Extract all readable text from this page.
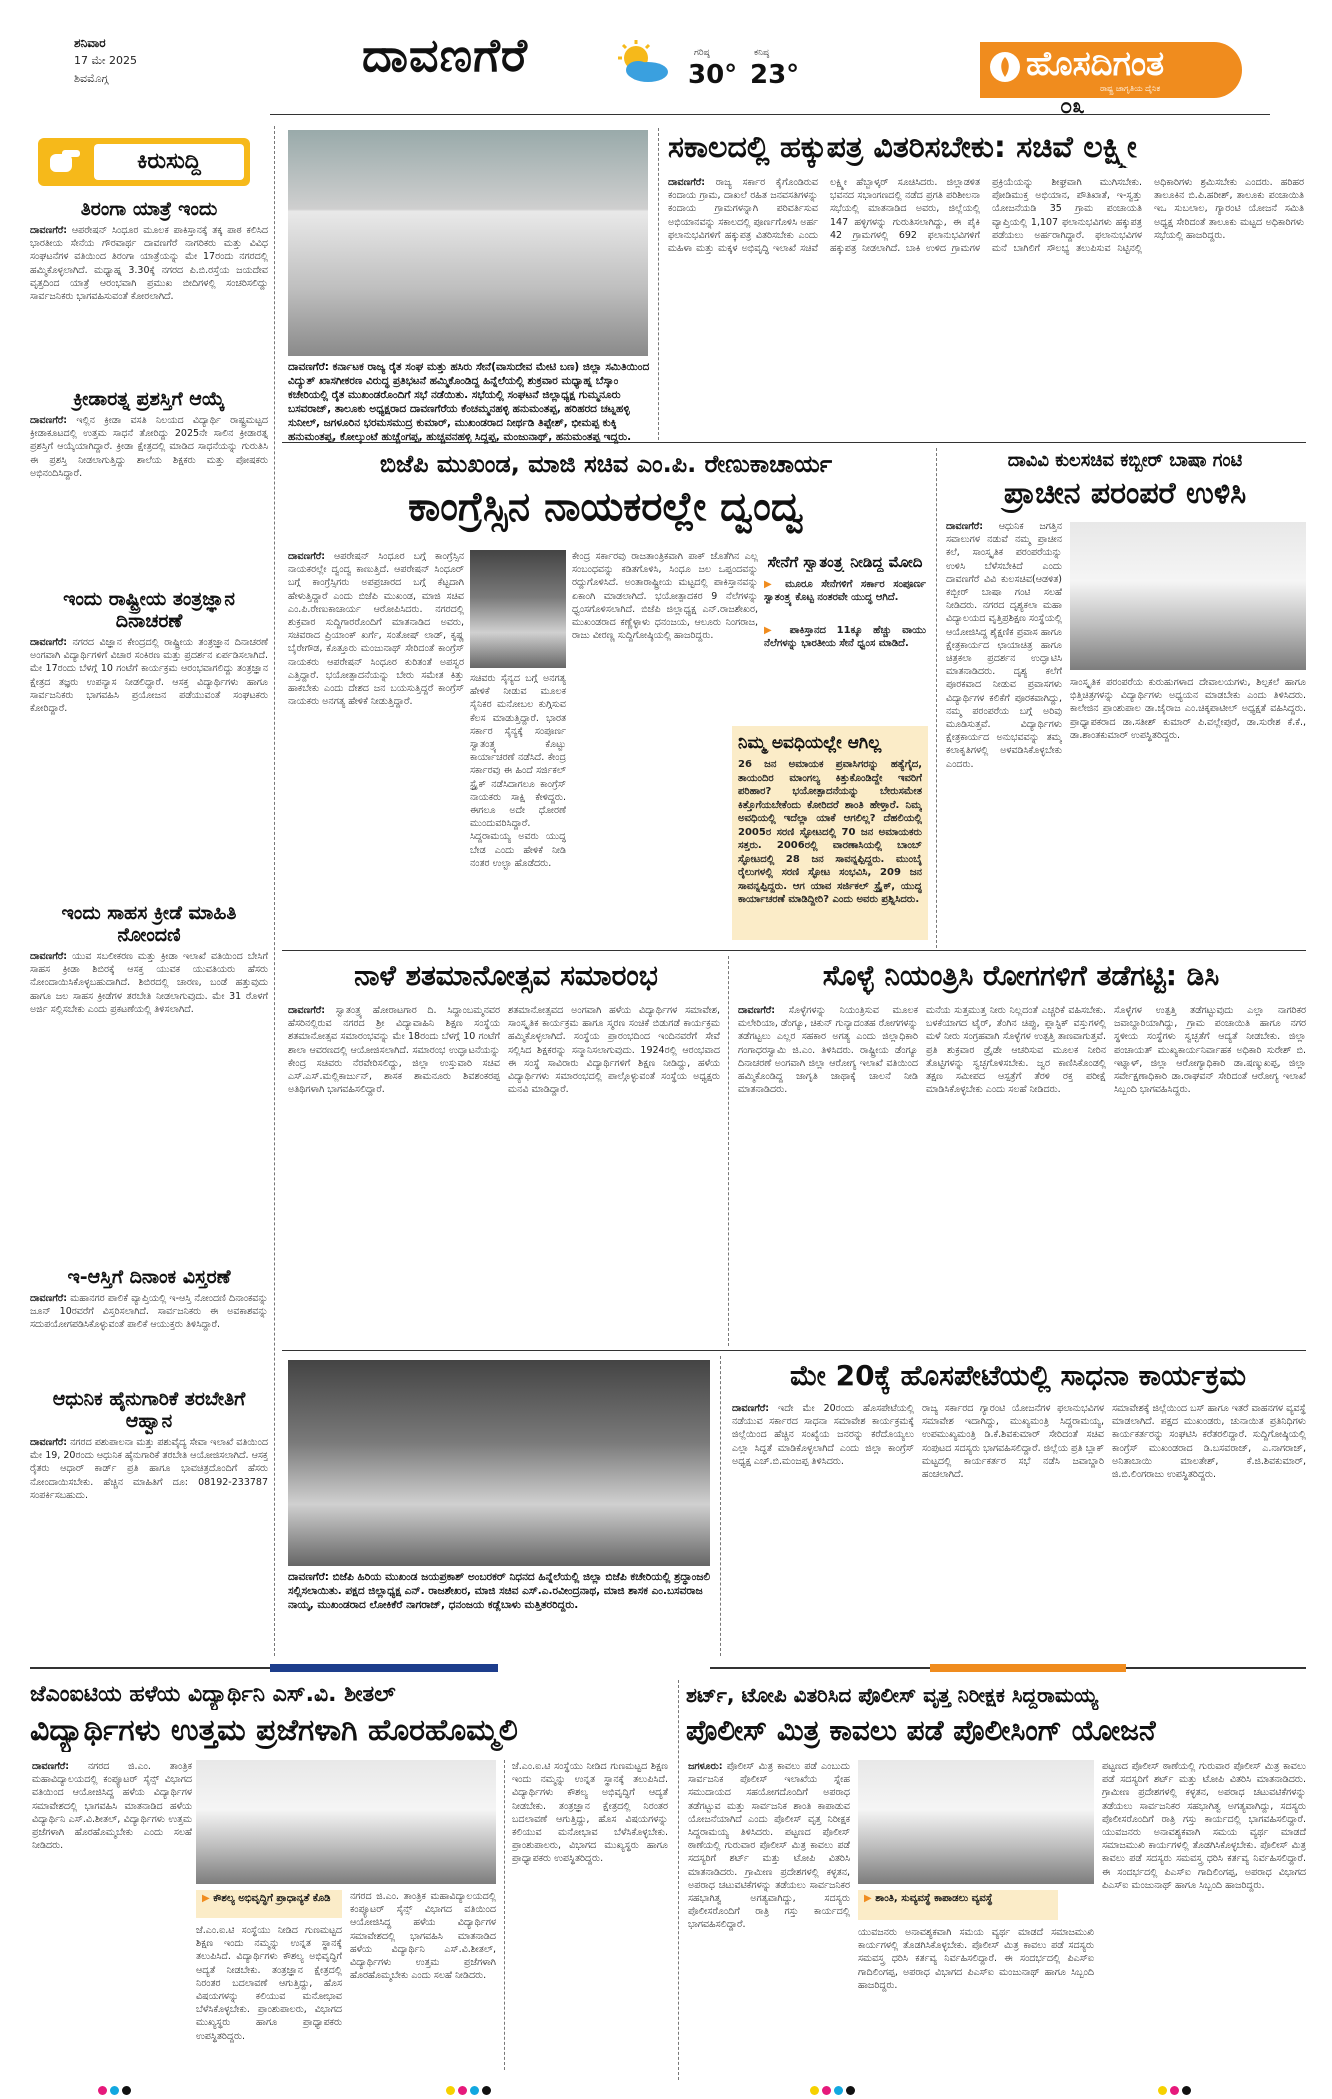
ಶನಿವಾರ
17 ಮೇ 2025
ಶಿವಮೊಗ್ಗ	ದಾವಣಗೆರೆ	ಗರಿಷ್ಠ
30°
ಕನಿಷ್ಠ
23°	ಹೊಸದಿಗಂತ
ರಾಷ್ಟ್ರ ಜಾಗೃತಿಯ ದೈನಿಕ
೦೩
ಕಿರುಸುದ್ದಿ
ತಿರಂಗಾ ಯಾತ್ರೆ ಇಂದು
ದಾವಣಗೆರೆ: ಆಪರೇಷನ್ ಸಿಂಧೂರ ಮೂಲಕ ಪಾಕಿಸ್ತಾನಕ್ಕೆ ತಕ್ಕ ಪಾಠ ಕಲಿಸಿದ ಭಾರತೀಯ ಸೇನೆಯ ಗೌರವಾರ್ಥ ದಾವಣಗೆರೆ ನಾಗರಿಕರು ಮತ್ತು ವಿವಿಧ ಸಂಘಟನೆಗಳ ವತಿಯಿಂದ ತಿರಂಗಾ ಯಾತ್ರೆಯನ್ನು ಮೇ 17ರಂದು ನಗರದಲ್ಲಿ ಹಮ್ಮಿಕೊಳ್ಳಲಾಗಿದೆ. ಮಧ್ಯಾಹ್ನ 3.30ಕ್ಕೆ ನಗರದ ಪಿ.ಬಿ.ರಸ್ತೆಯ ಜಯದೇವ ವೃತ್ತದಿಂದ ಯಾತ್ರೆ ಆರಂಭವಾಗಿ ಪ್ರಮುಖ ಬೀದಿಗಳಲ್ಲಿ ಸಂಚರಿಸಲಿದ್ದು ಸಾರ್ವಜನಿಕರು ಭಾಗವಹಿಸುವಂತೆ ಕೋರಲಾಗಿದೆ.
ಕ್ರೀಡಾರತ್ನ ಪ್ರಶಸ್ತಿಗೆ ಆಯ್ಕೆ
ದಾವಣಗೆರೆ: ಇಲ್ಲಿನ ಕ್ರೀಡಾ ವಸತಿ ನಿಲಯದ ವಿದ್ಯಾರ್ಥಿ ರಾಷ್ಟ್ರಮಟ್ಟದ ಕ್ರೀಡಾಕೂಟದಲ್ಲಿ ಉತ್ತಮ ಸಾಧನೆ ತೋರಿದ್ದು 2025ನೇ ಸಾಲಿನ ಕ್ರೀಡಾರತ್ನ ಪ್ರಶಸ್ತಿಗೆ ಆಯ್ಕೆಯಾಗಿದ್ದಾರೆ. ಕ್ರೀಡಾ ಕ್ಷೇತ್ರದಲ್ಲಿ ಮಾಡಿದ ಸಾಧನೆಯನ್ನು ಗುರುತಿಸಿ ಈ ಪ್ರಶಸ್ತಿ ನೀಡಲಾಗುತ್ತಿದ್ದು ಶಾಲೆಯ ಶಿಕ್ಷಕರು ಮತ್ತು ಪೋಷಕರು ಅಭಿನಂದಿಸಿದ್ದಾರೆ.
ಇಂದು ರಾಷ್ಟ್ರೀಯ ತಂತ್ರಜ್ಞಾನ ದಿನಾಚರಣೆ
ದಾವಣಗೆರೆ: ನಗರದ ವಿಜ್ಞಾನ ಕೇಂದ್ರದಲ್ಲಿ ರಾಷ್ಟ್ರೀಯ ತಂತ್ರಜ್ಞಾನ ದಿನಾಚರಣೆ ಅಂಗವಾಗಿ ವಿದ್ಯಾರ್ಥಿಗಳಿಗೆ ವಿಚಾರ ಸಂಕಿರಣ ಮತ್ತು ಪ್ರದರ್ಶನ ಏರ್ಪಡಿಸಲಾಗಿದೆ. ಮೇ 17ರಂದು ಬೆಳಗ್ಗೆ 10 ಗಂಟೆಗೆ ಕಾರ್ಯಕ್ರಮ ಆರಂಭವಾಗಲಿದ್ದು ತಂತ್ರಜ್ಞಾನ ಕ್ಷೇತ್ರದ ತಜ್ಞರು ಉಪನ್ಯಾಸ ನೀಡಲಿದ್ದಾರೆ. ಆಸಕ್ತ ವಿದ್ಯಾರ್ಥಿಗಳು ಹಾಗೂ ಸಾರ್ವಜನಿಕರು ಭಾಗವಹಿಸಿ ಪ್ರಯೋಜನ ಪಡೆಯುವಂತೆ ಸಂಘಟಕರು ಕೋರಿದ್ದಾರೆ.
ಇಂದು ಸಾಹಸ ಕ್ರೀಡೆ ಮಾಹಿತಿ ನೋಂದಣಿ
ದಾವಣಗೆರೆ: ಯುವ ಸಬಲೀಕರಣ ಮತ್ತು ಕ್ರೀಡಾ ಇಲಾಖೆ ವತಿಯಿಂದ ಬೇಸಿಗೆ ಸಾಹಸ ಕ್ರೀಡಾ ಶಿಬಿರಕ್ಕೆ ಆಸಕ್ತ ಯುವಕ ಯುವತಿಯರು ಹೆಸರು ನೋಂದಾಯಿಸಿಕೊಳ್ಳಬಹುದಾಗಿದೆ. ಶಿಬಿರದಲ್ಲಿ ಚಾರಣ, ಬಂಡೆ ಹತ್ತುವುದು ಹಾಗೂ ಜಲ ಸಾಹಸ ಕ್ರೀಡೆಗಳ ತರಬೇತಿ ನೀಡಲಾಗುವುದು. ಮೇ 31 ರೊಳಗೆ ಅರ್ಜಿ ಸಲ್ಲಿಸಬೇಕು ಎಂದು ಪ್ರಕಟಣೆಯಲ್ಲಿ ತಿಳಿಸಲಾಗಿದೆ.
ಇ-ಆಸ್ತಿಗೆ ದಿನಾಂಕ ವಿಸ್ತರಣೆ
ದಾವಣಗೆರೆ: ಮಹಾನಗರ ಪಾಲಿಕೆ ವ್ಯಾಪ್ತಿಯಲ್ಲಿ ಇ-ಆಸ್ತಿ ನೋಂದಣಿ ದಿನಾಂಕವನ್ನು ಜೂನ್ 10ರವರೆಗೆ ವಿಸ್ತರಿಸಲಾಗಿದೆ. ಸಾರ್ವಜನಿಕರು ಈ ಅವಕಾಶವನ್ನು ಸದುಪಯೋಗಪಡಿಸಿಕೊಳ್ಳುವಂತೆ ಪಾಲಿಕೆ ಆಯುಕ್ತರು ತಿಳಿಸಿದ್ದಾರೆ.
ಆಧುನಿಕ ಹೈನುಗಾರಿಕೆ ತರಬೇತಿಗೆ ಆಹ್ವಾನ
ದಾವಣಗೆರೆ: ನಗರದ ಪಶುಪಾಲನಾ ಮತ್ತು ಪಶುವೈದ್ಯ ಸೇವಾ ಇಲಾಖೆ ವತಿಯಿಂದ ಮೇ 19, 20ರಂದು ಆಧುನಿಕ ಹೈನುಗಾರಿಕೆ ತರಬೇತಿ ಆಯೋಜಿಸಲಾಗಿದೆ. ಆಸಕ್ತ ರೈತರು ಆಧಾರ್ ಕಾರ್ಡ್ ಪ್ರತಿ ಹಾಗೂ ಭಾವಚಿತ್ರದೊಂದಿಗೆ ಹೆಸರು ನೋಂದಾಯಿಸಬೇಕು. ಹೆಚ್ಚಿನ ಮಾಹಿತಿಗೆ ದೂ: 08192-233787 ಸಂಪರ್ಕಿಸಬಹುದು.
ದಾವಣಗೆರೆ: ಕರ್ನಾಟಕ ರಾಜ್ಯ ರೈತ ಸಂಘ ಮತ್ತು ಹಸಿರು ಸೇನೆ(ವಾಸುದೇವ ಮೇಟಿ ಬಣ) ಜಿಲ್ಲಾ ಸಮಿತಿಯಿಂದ ವಿದ್ಯುತ್ ಖಾಸಗೀಕರಣ ವಿರುದ್ಧ ಪ್ರತಿಭಟನೆ ಹಮ್ಮಿಕೊಂಡಿದ್ದ ಹಿನ್ನೆಲೆಯಲ್ಲಿ ಶುಕ್ರವಾರ ಮಧ್ಯಾಹ್ನ ಬೆಸ್ಕಾಂ ಕಚೇರಿಯಲ್ಲಿ ರೈತ ಮುಖಂಡರೊಂದಿಗೆ ಸಭೆ ನಡೆಯಿತು. ಸಭೆಯಲ್ಲಿ ಸಂಘಟನೆ ಜಿಲ್ಲಾಧ್ಯಕ್ಷ ಗುಮ್ಮನೂರು ಬಸವರಾಜ್, ತಾಲೂಕು ಅಧ್ಯಕ್ಷರಾದ ದಾವಣಗೆರೆಯ ಕೆಂಚಮ್ಮನಹಳ್ಳಿ ಹನುಮಂತಪ್ಪ, ಹರಿಹರದ ಚಟ್ನಹಳ್ಳಿ ಸುನೀಲ್, ಜಗಳೂರಿನ ಭರಮಸಮುದ್ರ ಕುಮಾರ್, ಮುಖಂಡರಾದ ನೀರ್ಥಡಿ ತಿಪ್ಪೇಶ್, ಭೀಮಪ್ಪ ಕುಕ್ಕಿ ಹನುಮಂತಪ್ಪ, ಕೋಲ್ಕುಂಟೆ ಹುಚ್ಚೆಂಗಪ್ಪ, ಹುಚ್ಚವನಹಳ್ಳಿ ಸಿದ್ದಪ್ಪ, ಮಂಜುನಾಥ್, ಹನುಮಂತಪ್ಪ ಇದ್ದರು.
ಸಕಾಲದಲ್ಲಿ ಹಕ್ಕುಪತ್ರ ವಿತರಿಸಬೇಕು: ಸಚಿವೆ ಲಕ್ಷ್ಮೀ
ದಾವಣಗೆರೆ: ರಾಜ್ಯ ಸರ್ಕಾರ ಕೈಗೊಂಡಿರುವ ಕಂದಾಯ ಗ್ರಾಮ, ದಾಖಲೆ ರಹಿತ ಜನವಸತಿಗಳನ್ನು ಕಂದಾಯ ಗ್ರಾಮಗಳನ್ನಾಗಿ ಪರಿವರ್ತಿಸುವ ಅಭಿಯಾನವನ್ನು ಸಕಾಲದಲ್ಲಿ ಪೂರ್ಣಗೊಳಿಸಿ ಅರ್ಹ ಫಲಾನುಭವಿಗಳಿಗೆ ಹಕ್ಕುಪತ್ರ ವಿತರಿಸಬೇಕು ಎಂದು ಮಹಿಳಾ ಮತ್ತು ಮಕ್ಕಳ ಅಭಿವೃದ್ಧಿ ಇಲಾಖೆ ಸಚಿವೆ ಲಕ್ಷ್ಮೀ ಹೆಬ್ಬಾಳ್ಕರ್ ಸೂಚಿಸಿದರು. ಜಿಲ್ಲಾಡಳಿತ ಭವನದ ಸಭಾಂಗಣದಲ್ಲಿ ನಡೆದ ಪ್ರಗತಿ ಪರಿಶೀಲನಾ ಸಭೆಯಲ್ಲಿ ಮಾತನಾಡಿದ ಅವರು, ಜಿಲ್ಲೆಯಲ್ಲಿ 147 ಹಳ್ಳಿಗಳನ್ನು ಗುರುತಿಸಲಾಗಿದ್ದು, ಈ ಪೈಕಿ 42 ಗ್ರಾಮಗಳಲ್ಲಿ 692 ಫಲಾನುಭವಿಗಳಿಗೆ ಹಕ್ಕುಪತ್ರ ನೀಡಲಾಗಿದೆ. ಬಾಕಿ ಉಳಿದ ಗ್ರಾಮಗಳ ಪ್ರಕ್ರಿಯೆಯನ್ನು ಶೀಘ್ರವಾಗಿ ಮುಗಿಸಬೇಕು. ಪೋಡಿಮುಕ್ತ ಅಭಿಯಾನ, ಪೌತಿಖಾತೆ, ಇ-ಸ್ವತ್ತು ಯೋಜನೆಯಡಿ 35 ಗ್ರಾಮ ಪಂಚಾಯತಿ ವ್ಯಾಪ್ತಿಯಲ್ಲಿ 1,107 ಫಲಾನುಭವಿಗಳು ಹಕ್ಕುಪತ್ರ ಪಡೆಯಲು ಅರ್ಹರಾಗಿದ್ದಾರೆ. ಫಲಾನುಭವಿಗಳ ಮನೆ ಬಾಗಿಲಿಗೆ ಸೌಲಭ್ಯ ತಲುಪಿಸುವ ನಿಟ್ಟಿನಲ್ಲಿ ಅಧಿಕಾರಿಗಳು ಶ್ರಮಿಸಬೇಕು ಎಂದರು. ಹರಿಹರ ತಾಲೂಕಿನ ಬಿ.ಪಿ.ಹರೀಶ್, ತಾಲೂಕು ಪಂಚಾಯಿತಿ ಇಒ ಸುಬಲಾಲ, ಗ್ಯಾರಂಟಿ ಯೋಜನೆ ಸಮಿತಿ ಅಧ್ಯಕ್ಷ ಸೇರಿದಂತೆ ತಾಲೂಕು ಮಟ್ಟದ ಅಧಿಕಾರಿಗಳು ಸಭೆಯಲ್ಲಿ ಹಾಜರಿದ್ದರು.
ಬಿಜೆಪಿ ಮುಖಂಡ, ಮಾಜಿ ಸಚಿವ ಎಂ.ಪಿ. ರೇಣುಕಾಚಾರ್ಯ
ಕಾಂಗ್ರೆಸ್ಸಿನ ನಾಯಕರಲ್ಲೇ ದ್ವಂದ್ವ
ದಾವಣಗೆರೆ: ಆಪರೇಷನ್ ಸಿಂಧೂರ ಬಗ್ಗೆ ಕಾಂಗ್ರೆಸ್ಸಿನ ನಾಯಕರಲ್ಲೇ ದ್ವಂದ್ವ ಕಾಣುತ್ತಿದೆ. ಆಪರೇಷನ್ ಸಿಂಧೂರ್ ಬಗ್ಗೆ ಕಾಂಗ್ರೆಸ್ಸಿಗರು ಅಪಪ್ರಚಾರದ ಬಗ್ಗೆ ಕೆಟ್ಟದಾಗಿ ಹೇಳುತ್ತಿದ್ದಾರೆ ಎಂದು ಬಿಜೆಪಿ ಮುಖಂಡ, ಮಾಜಿ ಸಚಿವ ಎಂ.ಪಿ.ರೇಣುಕಾಚಾರ್ಯ ಆರೋಪಿಸಿದರು. ನಗರದಲ್ಲಿ ಶುಕ್ರವಾರ ಸುದ್ದಿಗಾರರೊಂದಿಗೆ ಮಾತನಾಡಿದ ಅವರು, ಸಚಿವರಾದ ಪ್ರಿಯಾಂಕ್ ಖರ್ಗೆ, ಸಂತೋಷ್ ಲಾಡ್, ಕೃಷ್ಣ ಬೈರೇಗೌಡ, ಕೊತ್ತೂರು ಮಂಜುನಾಥ್ ಸೇರಿದಂತೆ ಕಾಂಗ್ರೆಸ್ ನಾಯಕರು ಆಪರೇಷನ್ ಸಿಂಧೂರ ಕುರಿತಂತೆ ಅಪಸ್ವರ ಎತ್ತಿದ್ದಾರೆ. ಭಯೋತ್ಪಾದನೆಯನ್ನು ಬೇರು ಸಮೇತ ಕಿತ್ತು ಹಾಕಬೇಕು ಎಂದು ದೇಶದ ಜನ ಬಯಸುತ್ತಿದ್ದರೆ ಕಾಂಗ್ರೆಸ್ ನಾಯಕರು ಅನಗತ್ಯ ಹೇಳಿಕೆ ನೀಡುತ್ತಿದ್ದಾರೆ.
ಸಚಿವರು ಸೈನ್ಯದ ಬಗ್ಗೆ ಅನಗತ್ಯ ಹೇಳಿಕೆ ನೀಡುವ ಮೂಲಕ ಸೈನಿಕರ ಮನೋಬಲ ಕುಗ್ಗಿಸುವ ಕೆಲಸ ಮಾಡುತ್ತಿದ್ದಾರೆ. ಭಾರತ ಸರ್ಕಾರ ಸೈನ್ಯಕ್ಕೆ ಸಂಪೂರ್ಣ ಸ್ವಾತಂತ್ರ್ಯ ಕೊಟ್ಟು ಕಾರ್ಯಾಚರಣೆ ನಡೆಸಿದೆ. ಕೇಂದ್ರ ಸರ್ಕಾರವು ಈ ಹಿಂದೆ ಸರ್ಜಿಕಲ್ ಸ್ಟ್ರೈಕ್ ನಡೆಸಿದಾಗಲೂ ಕಾಂಗ್ರೆಸ್ ನಾಯಕರು ಸಾಕ್ಷಿ ಕೇಳಿದ್ದರು. ಈಗಲೂ ಅದೇ ಧೋರಣೆ ಮುಂದುವರಿಸಿದ್ದಾರೆ. ಸಿದ್ದರಾಮಯ್ಯ ಅವರು ಯುದ್ಧ ಬೇಡ ಎಂದು ಹೇಳಿಕೆ ನೀಡಿ ನಂತರ ಉಲ್ಟಾ ಹೊಡೆದರು.
ಕೇಂದ್ರ ಸರ್ಕಾರವು ರಾಜತಾಂತ್ರಿಕವಾಗಿ ಪಾಕ್ ಜೊತೆಗಿನ ಎಲ್ಲ ಸಂಬಂಧವನ್ನು ಕಡಿತಗೊಳಿಸಿ, ಸಿಂಧೂ ಜಲ ಒಪ್ಪಂದವನ್ನು ರದ್ದುಗೊಳಿಸಿದೆ. ಅಂತಾರಾಷ್ಟ್ರೀಯ ಮಟ್ಟದಲ್ಲಿ ಪಾಕಿಸ್ತಾನವನ್ನು ಏಕಾಂಗಿ ಮಾಡಲಾಗಿದೆ. ಭಯೋತ್ಪಾದಕರ 9 ನೆಲೆಗಳನ್ನು ಧ್ವಂಸಗೊಳಿಸಲಾಗಿದೆ. ಬಿಜೆಪಿ ಜಿಲ್ಲಾಧ್ಯಕ್ಷ ಎನ್.ರಾಜಶೇಖರ, ಮುಖಂಡರಾದ ಕಣ್ಣೆಳ್ಳಾಳು ಧನಂಜಯ, ಆಲೂರು ನಿಂಗರಾಜ, ರಾಜು ವೀರಣ್ಣ ಸುದ್ದಿಗೋಷ್ಠಿಯಲ್ಲಿ ಹಾಜರಿದ್ದರು.
ಸೇನೆಗೆ ಸ್ವಾತಂತ್ರ್ಯ ನೀಡಿದ್ದ ಮೋದಿ
▶ ಮೂರೂ ಸೇನೆಗಳಿಗೆ ಸರ್ಕಾರ ಸಂಪೂರ್ಣ ಸ್ವಾತಂತ್ರ್ಯ ಕೊಟ್ಟ ನಂತರವೇ ಯುದ್ಧ ಆಗಿದೆ.
▶ ಪಾಕಿಸ್ತಾನದ 11ಕ್ಕೂ ಹೆಚ್ಚು ವಾಯು ನೆಲೆಗಳನ್ನು ಭಾರತೀಯ ಸೇನೆ ಧ್ವಂಸ ಮಾಡಿದೆ.
ನಿಮ್ಮ ಅವಧಿಯಲ್ಲೇ ಆಗಿಲ್ಲ
26 ಜನ ಅಮಾಯಕ ಪ್ರವಾಸಿಗರನ್ನು ಹತ್ಯೆಗೈದ, ತಾಯಂದಿರ ಮಾಂಗಲ್ಯ ಕಿತ್ತುಕೊಂಡಿದ್ದೇ ಇವರಿಗೆ ಪರಿಹಾರ? ಭಯೋತ್ಪಾದನೆಯನ್ನು ಬೇರುಸಮೇತ ಕಿತ್ತೊಗೆಯಬೇಕೆಂದು ಕೋರಿದರೆ ಶಾಂತಿ ಹೇಳ್ತಾರೆ. ನಿಮ್ಮ ಅವಧಿಯಲ್ಲಿ ಇದೆಲ್ಲಾ ಯಾಕೆ ಆಗಲಿಲ್ಲ? ದೆಹಲಿಯಲ್ಲಿ 2005ರ ಸರಣಿ ಸ್ಫೋಟದಲ್ಲಿ 70 ಜನ ಅಮಾಯಕರು ಸತ್ತರು. 2006ರಲ್ಲಿ ವಾರಣಾಸಿಯಲ್ಲಿ ಬಾಂಬ್ ಸ್ಫೋಟದಲ್ಲಿ 28 ಜನ ಸಾವನ್ನಪ್ಪಿದ್ದರು. ಮುಂಬೈ ರೈಲುಗಳಲ್ಲಿ ಸರಣಿ ಸ್ಫೋಟ ಸಂಭವಿಸಿ, 209 ಜನ ಸಾವನ್ನಪ್ಪಿದ್ದರು. ಆಗ ಯಾವ ಸರ್ಜಿಕಲ್ ಸ್ಟ್ರೈಕ್, ಯುದ್ಧ ಕಾರ್ಯಾಚರಣೆ ಮಾಡಿದ್ದೀರಿ? ಎಂದು ಅವರು ಪ್ರಶ್ನಿಸಿದರು.
ದಾವಿವಿ ಕುಲಸಚಿವ ಕಬ್ಬೀರ್ ಬಾಷಾ ಗಂಟಿ
ಪ್ರಾಚೀನ ಪರಂಪರೆ ಉಳಿಸಿ
ದಾವಣಗೆರೆ: ಆಧುನಿಕ ಜಗತ್ತಿನ ಸವಾಲುಗಳ ನಡುವೆ ನಮ್ಮ ಪ್ರಾಚೀನ ಕಲೆ, ಸಾಂಸ್ಕೃತಿಕ ಪರಂಪರೆಯನ್ನು ಉಳಿಸಿ ಬೆಳೆಸಬೇಕಿದೆ ಎಂದು ದಾವಣಗೆರೆ ವಿವಿ ಕುಲಸಚಿವ(ಆಡಳಿತ) ಕಬ್ಬೀರ್ ಬಾಷಾ ಗಂಟಿ ಸಲಹೆ ನೀಡಿದರು. ನಗರದ ದೃಶ್ಯಕಲಾ ಮಹಾ ವಿದ್ಯಾಲಯದ ವೃತ್ತಿಪ್ರಶಿಕ್ಷಣ ಸಂಸ್ಥೆಯಲ್ಲಿ ಆಯೋಜಿಸಿದ್ದ ಶೈಕ್ಷಣಿಕ ಪ್ರವಾಸ ಹಾಗೂ ಕ್ಷೇತ್ರಕಾರ್ಯದ ಛಾಯಾಚಿತ್ರ ಹಾಗೂ ಚಿತ್ರಕಲಾ ಪ್ರದರ್ಶನ ಉದ್ಘಾಟಿಸಿ ಮಾತನಾಡಿದರು. ದೃಶ್ಯ ಕಲೆಗೆ ಪೂರಕವಾದ ನೀಡುವ ಪ್ರವಾಸಗಳು ವಿದ್ಯಾರ್ಥಿಗಳ ಕಲಿಕೆಗೆ ಪೂರಕವಾಗಿದ್ದು, ನಮ್ಮ ಪರಂಪರೆಯ ಬಗ್ಗೆ ಅರಿವು ಮೂಡಿಸುತ್ತವೆ. ವಿದ್ಯಾರ್ಥಿಗಳು ಕ್ಷೇತ್ರಕಾರ್ಯದ ಅನುಭವವನ್ನು ತಮ್ಮ ಕಲಾಕೃತಿಗಳಲ್ಲಿ ಅಳವಡಿಸಿಕೊಳ್ಳಬೇಕು ಎಂದರು.
ಸಾಂಸ್ಕೃತಿಕ ಪರಂಪರೆಯ ಕುರುಹುಗಳಾದ ದೇವಾಲಯಗಳು, ಶಿಲ್ಪಕಲೆ ಹಾಗೂ ಭಿತ್ತಿಚಿತ್ರಗಳನ್ನು ವಿದ್ಯಾರ್ಥಿಗಳು ಅಧ್ಯಯನ ಮಾಡಬೇಕು ಎಂದು ತಿಳಿಸಿದರು. ಕಾಲೇಜಿನ ಪ್ರಾಂಶುಪಾಲ ಡಾ.ಜೈರಾಜ ಎಂ.ಚಿಕ್ಕಪಾಟೀಲ್ ಅಧ್ಯಕ್ಷತೆ ವಹಿಸಿದ್ದರು. ಪ್ರಾಧ್ಯಾಪಕರಾದ ಡಾ.ಸತೀಶ್ ಕುಮಾರ್ ಪಿ.ವಲ್ಲೇಪುರೆ, ಡಾ.ಸುರೇಶ ಕೆ.ಕೆ., ಡಾ.ಶಾಂತಕುಮಾರ್ ಉಪಸ್ಥಿತರಿದ್ದರು.
ನಾಳೆ ಶತಮಾನೋತ್ಸವ ಸಮಾರಂಭ
ದಾವಣಗೆರೆ: ಸ್ವಾತಂತ್ರ್ಯ ಹೋರಾಟಗಾರ ದಿ. ಸಿದ್ದಾಂಬಮ್ಮನವರ ಹೆಸರಿನಲ್ಲಿರುವ ನಗರದ ಶ್ರೀ ವಿದ್ಯಾವಾಹಿನಿ ಶಿಕ್ಷಣ ಸಂಸ್ಥೆಯ ಶತಮಾನೋತ್ಸವ ಸಮಾರಂಭವನ್ನು ಮೇ 18ರಂದು ಬೆಳಗ್ಗೆ 10 ಗಂಟೆಗೆ ಶಾಲಾ ಆವರಣದಲ್ಲಿ ಆಯೋಜಿಸಲಾಗಿದೆ. ಸಮಾರಂಭ ಉದ್ಘಾಟನೆಯನ್ನು ಕೇಂದ್ರ ಸಚಿವರು ನೆರವೇರಿಸಲಿದ್ದು, ಜಿಲ್ಲಾ ಉಸ್ತುವಾರಿ ಸಚಿವ ಎಸ್.ಎಸ್.ಮಲ್ಲಿಕಾರ್ಜುನ್, ಶಾಸಕ ಶಾಮನೂರು ಶಿವಶಂಕರಪ್ಪ ಅತಿಥಿಗಳಾಗಿ ಭಾಗವಹಿಸಲಿದ್ದಾರೆ.
ಶತಮಾನೋತ್ಸವದ ಅಂಗವಾಗಿ ಹಳೆಯ ವಿದ್ಯಾರ್ಥಿಗಳ ಸಮಾವೇಶ, ಸಾಂಸ್ಕೃತಿಕ ಕಾರ್ಯಕ್ರಮ ಹಾಗೂ ಸ್ಮರಣ ಸಂಚಿಕೆ ಬಿಡುಗಡೆ ಕಾರ್ಯಕ್ರಮ ಹಮ್ಮಿಕೊಳ್ಳಲಾಗಿದೆ. ಸಂಸ್ಥೆಯ ಪ್ರಾರಂಭದಿಂದ ಇಂದಿನವರೆಗೆ ಸೇವೆ ಸಲ್ಲಿಸಿದ ಶಿಕ್ಷಕರನ್ನು ಸನ್ಮಾನಿಸಲಾಗುವುದು. 1924ರಲ್ಲಿ ಆರಂಭವಾದ ಈ ಸಂಸ್ಥೆ ಸಾವಿರಾರು ವಿದ್ಯಾರ್ಥಿಗಳಿಗೆ ಶಿಕ್ಷಣ ನೀಡಿದ್ದು, ಹಳೆಯ ವಿದ್ಯಾರ್ಥಿಗಳು ಸಮಾರಂಭದಲ್ಲಿ ಪಾಲ್ಗೊಳ್ಳುವಂತೆ ಸಂಸ್ಥೆಯ ಅಧ್ಯಕ್ಷರು ಮನವಿ ಮಾಡಿದ್ದಾರೆ.
ಸೊಳ್ಳೆ ನಿಯಂತ್ರಿಸಿ ರೋಗಗಳಿಗೆ ತಡೆಗಟ್ಟಿ: ಡಿಸಿ
ದಾವಣಗೆರೆ: ಸೊಳ್ಳೆಗಳನ್ನು ನಿಯಂತ್ರಿಸುವ ಮೂಲಕ ಮಲೇರಿಯಾ, ಡೆಂಗ್ಯೂ, ಚಿಕುನ್ ಗುನ್ಯಾದಂತಹ ರೋಗಗಳನ್ನು ತಡೆಗಟ್ಟಲು ಎಲ್ಲರ ಸಹಕಾರ ಅಗತ್ಯ ಎಂದು ಜಿಲ್ಲಾಧಿಕಾರಿ ಗಂಗಾಧರಸ್ವಾಮಿ ಜಿ.ಎಂ. ತಿಳಿಸಿದರು. ರಾಷ್ಟ್ರೀಯ ಡೆಂಗ್ಯೂ ದಿನಾಚರಣೆ ಅಂಗವಾಗಿ ಜಿಲ್ಲಾ ಆರೋಗ್ಯ ಇಲಾಖೆ ವತಿಯಿಂದ ಹಮ್ಮಿಕೊಂಡಿದ್ದ ಜಾಗೃತಿ ಜಾಥಾಕ್ಕೆ ಚಾಲನೆ ನೀಡಿ ಮಾತನಾಡಿದರು.
ಮನೆಯ ಸುತ್ತಮುತ್ತ ನೀರು ನಿಲ್ಲದಂತೆ ಎಚ್ಚರಿಕೆ ವಹಿಸಬೇಕು. ಬಳಕೆಯಾಗದ ಟೈರ್, ತೆಂಗಿನ ಚಿಪ್ಪು, ಪ್ಲಾಸ್ಟಿಕ್ ವಸ್ತುಗಳಲ್ಲಿ ಮಳೆ ನೀರು ಸಂಗ್ರಹವಾಗಿ ಸೊಳ್ಳೆಗಳ ಉತ್ಪತ್ತಿ ತಾಣವಾಗುತ್ತವೆ. ಪ್ರತಿ ಶುಕ್ರವಾರ ಡ್ರೈಡೇ ಆಚರಿಸುವ ಮೂಲಕ ನೀರಿನ ತೊಟ್ಟಿಗಳನ್ನು ಸ್ವಚ್ಛಗೊಳಿಸಬೇಕು. ಜ್ವರ ಕಾಣಿಸಿಕೊಂಡಲ್ಲಿ ತಕ್ಷಣ ಸಮೀಪದ ಆಸ್ಪತ್ರೆಗೆ ತೆರಳಿ ರಕ್ತ ಪರೀಕ್ಷೆ ಮಾಡಿಸಿಕೊಳ್ಳಬೇಕು ಎಂದು ಸಲಹೆ ನೀಡಿದರು.
ಸೊಳ್ಳೆಗಳ ಉತ್ಪತ್ತಿ ತಡೆಗಟ್ಟುವುದು ಎಲ್ಲಾ ನಾಗರಿಕರ ಜವಾಬ್ದಾರಿಯಾಗಿದ್ದು, ಗ್ರಾಮ ಪಂಚಾಯಿತಿ ಹಾಗೂ ನಗರ ಸ್ಥಳೀಯ ಸಂಸ್ಥೆಗಳು ಸ್ವಚ್ಛತೆಗೆ ಆದ್ಯತೆ ನೀಡಬೇಕು. ಜಿಲ್ಲಾ ಪಂಚಾಯತ್ ಮುಖ್ಯಕಾರ್ಯನಿರ್ವಾಹಕ ಅಧಿಕಾರಿ ಸುರೇಶ್ ಬಿ. ಇಟ್ನಾಳ್, ಜಿಲ್ಲಾ ಆರೋಗ್ಯಾಧಿಕಾರಿ ಡಾ.ಷಣ್ಮುಖಪ್ಪ, ಜಿಲ್ಲಾ ಸರ್ವೇಕ್ಷಣಾಧಿಕಾರಿ ಡಾ.ರಾಘವನ್ ಸೇರಿದಂತೆ ಆರೋಗ್ಯ ಇಲಾಖೆ ಸಿಬ್ಬಂದಿ ಭಾಗವಹಿಸಿದ್ದರು.
ದಾವಣಗೆರೆ: ಬಿಜೆಪಿ ಹಿರಿಯ ಮುಖಂಡ ಜಯಪ್ರಕಾಶ್ ಅಂಬರಕರ್ ನಿಧನದ ಹಿನ್ನೆಲೆಯಲ್ಲಿ ಜಿಲ್ಲಾ ಬಿಜೆಪಿ ಕಚೇರಿಯಲ್ಲಿ ಶ್ರದ್ಧಾಂಜಲಿ ಸಲ್ಲಿಸಲಾಯಿತು. ಪಕ್ಷದ ಜಿಲ್ಲಾಧ್ಯಕ್ಷ ಎನ್. ರಾಜಶೇಖರ, ಮಾಜಿ ಸಚಿವ ಎಸ್.ಎ.ರವೀಂದ್ರನಾಥ, ಮಾಜಿ ಶಾಸಕ ಎಂ.ಬಸವರಾಜ ನಾಯ್ಕ, ಮುಖಂಡರಾದ ಲೋಕಿಕೆರೆ ನಾಗರಾಜ್, ಧನಂಜಯ ಕಡ್ಲೆಬಾಳು ಮತ್ತಿತರರಿದ್ದರು.
ಮೇ 20ಕ್ಕೆ ಹೊಸಪೇಟೆಯಲ್ಲಿ ಸಾಧನಾ ಕಾರ್ಯಕ್ರಮ
ದಾವಣಗೆರೆ: ಇದೇ ಮೇ 20ರಂದು ಹೊಸಪೇಟೆಯಲ್ಲಿ ನಡೆಯುವ ಸರ್ಕಾರದ ಸಾಧನಾ ಸಮಾವೇಶ ಕಾರ್ಯಕ್ರಮಕ್ಕೆ ಜಿಲ್ಲೆಯಿಂದ ಹೆಚ್ಚಿನ ಸಂಖ್ಯೆಯ ಜನರನ್ನು ಕರೆದೊಯ್ಯಲು ಎಲ್ಲಾ ಸಿದ್ಧತೆ ಮಾಡಿಕೊಳ್ಳಲಾಗಿದೆ ಎಂದು ಜಿಲ್ಲಾ ಕಾಂಗ್ರೆಸ್ ಅಧ್ಯಕ್ಷ ಎಚ್.ಬಿ.ಮಂಜಪ್ಪ ತಿಳಿಸಿದರು.
ರಾಜ್ಯ ಸರ್ಕಾರದ ಗ್ಯಾರಂಟಿ ಯೋಜನೆಗಳ ಫಲಾನುಭವಿಗಳ ಸಮಾವೇಶ ಇದಾಗಿದ್ದು, ಮುಖ್ಯಮಂತ್ರಿ ಸಿದ್ದರಾಮಯ್ಯ, ಉಪಮುಖ್ಯಮಂತ್ರಿ ಡಿ.ಕೆ.ಶಿವಕುಮಾರ್ ಸೇರಿದಂತೆ ಸಚಿವ ಸಂಪುಟದ ಸದಸ್ಯರು ಭಾಗವಹಿಸಲಿದ್ದಾರೆ. ಜಿಲ್ಲೆಯ ಪ್ರತಿ ಬ್ಲಾಕ್ ಮಟ್ಟದಲ್ಲಿ ಕಾರ್ಯಕರ್ತರ ಸಭೆ ನಡೆಸಿ ಜವಾಬ್ದಾರಿ ಹಂಚಲಾಗಿದೆ.
ಸಮಾವೇಶಕ್ಕೆ ಜಿಲ್ಲೆಯಿಂದ ಬಸ್ ಹಾಗೂ ಇತರೆ ವಾಹನಗಳ ವ್ಯವಸ್ಥೆ ಮಾಡಲಾಗಿದೆ. ಪಕ್ಷದ ಮುಖಂಡರು, ಚುನಾಯಿತ ಪ್ರತಿನಿಧಿಗಳು ಕಾರ್ಯಕರ್ತರನ್ನು ಸಂಘಟಿಸಿ ಕರೆತರಲಿದ್ದಾರೆ. ಸುದ್ದಿಗೋಷ್ಠಿಯಲ್ಲಿ ಕಾಂಗ್ರೆಸ್ ಮುಖಂಡರಾದ ಡಿ.ಬಸವರಾಜ್, ಎ.ನಾಗರಾಜ್, ಅನಿತಾಬಾಯಿ ಮಾಲತೇಶ್, ಕೆ.ಜಿ.ಶಿವಕುಮಾರ್, ಜಿ.ಬಿ.ಲಿಂಗರಾಜು ಉಪಸ್ಥಿತರಿದ್ದರು.
ಜೆಎಂಐಟಿಯ ಹಳೆಯ ವಿದ್ಯಾರ್ಥಿನಿ ಎಸ್.ವಿ. ಶೀತಲ್
ವಿದ್ಯಾರ್ಥಿಗಳು ಉತ್ತಮ ಪ್ರಜೆಗಳಾಗಿ ಹೊರಹೊಮ್ಮಲಿ
ದಾವಣಗೆರೆ: ನಗರದ ಜಿ.ಎಂ. ತಾಂತ್ರಿಕ ಮಹಾವಿದ್ಯಾಲಯದಲ್ಲಿ ಕಂಪ್ಯೂಟರ್ ಸೈನ್ಸ್ ವಿಭಾಗದ ವತಿಯಿಂದ ಆಯೋಜಿಸಿದ್ದ ಹಳೆಯ ವಿದ್ಯಾರ್ಥಿಗಳ ಸಮಾವೇಶದಲ್ಲಿ ಭಾಗವಹಿಸಿ ಮಾತನಾಡಿದ ಹಳೆಯ ವಿದ್ಯಾರ್ಥಿನಿ ಎಸ್.ವಿ.ಶೀತಲ್, ವಿದ್ಯಾರ್ಥಿಗಳು ಉತ್ತಮ ಪ್ರಜೆಗಳಾಗಿ ಹೊರಹೊಮ್ಮಬೇಕು ಎಂದು ಸಲಹೆ ನೀಡಿದರು.
▶ ಕೌಶಲ್ಯ ಅಭಿವೃದ್ಧಿಗೆ ಪ್ರಾಧಾನ್ಯತೆ ಕೊಡಿ
ಜೆ.ಎಂ.ಐ.ಟಿ ಸಂಸ್ಥೆಯು ನೀಡಿದ ಗುಣಮಟ್ಟದ ಶಿಕ್ಷಣ ಇಂದು ನಮ್ಮನ್ನು ಉನ್ನತ ಸ್ಥಾನಕ್ಕೆ ತಲುಪಿಸಿದೆ. ವಿದ್ಯಾರ್ಥಿಗಳು ಕೌಶಲ್ಯ ಅಭಿವೃದ್ಧಿಗೆ ಆದ್ಯತೆ ನೀಡಬೇಕು. ತಂತ್ರಜ್ಞಾನ ಕ್ಷೇತ್ರದಲ್ಲಿ ನಿರಂತರ ಬದಲಾವಣೆ ಆಗುತ್ತಿದ್ದು, ಹೊಸ ವಿಷಯಗಳನ್ನು ಕಲಿಯುವ ಮನೋಭಾವ ಬೆಳೆಸಿಕೊಳ್ಳಬೇಕು. ಪ್ರಾಂಶುಪಾಲರು, ವಿಭಾಗದ ಮುಖ್ಯಸ್ಥರು ಹಾಗೂ ಪ್ರಾಧ್ಯಾಪಕರು ಉಪಸ್ಥಿತರಿದ್ದರು.
ನಗರದ ಜಿ.ಎಂ. ತಾಂತ್ರಿಕ ಮಹಾವಿದ್ಯಾಲಯದಲ್ಲಿ ಕಂಪ್ಯೂಟರ್ ಸೈನ್ಸ್ ವಿಭಾಗದ ವತಿಯಿಂದ ಆಯೋಜಿಸಿದ್ದ ಹಳೆಯ ವಿದ್ಯಾರ್ಥಿಗಳ ಸಮಾವೇಶದಲ್ಲಿ ಭಾಗವಹಿಸಿ ಮಾತನಾಡಿದ ಹಳೆಯ ವಿದ್ಯಾರ್ಥಿನಿ ಎಸ್.ವಿ.ಶೀತಲ್, ವಿದ್ಯಾರ್ಥಿಗಳು ಉತ್ತಮ ಪ್ರಜೆಗಳಾಗಿ ಹೊರಹೊಮ್ಮಬೇಕು ಎಂದು ಸಲಹೆ ನೀಡಿದರು.
ಜೆ.ಎಂ.ಐ.ಟಿ ಸಂಸ್ಥೆಯು ನೀಡಿದ ಗುಣಮಟ್ಟದ ಶಿಕ್ಷಣ ಇಂದು ನಮ್ಮನ್ನು ಉನ್ನತ ಸ್ಥಾನಕ್ಕೆ ತಲುಪಿಸಿದೆ. ವಿದ್ಯಾರ್ಥಿಗಳು ಕೌಶಲ್ಯ ಅಭಿವೃದ್ಧಿಗೆ ಆದ್ಯತೆ ನೀಡಬೇಕು. ತಂತ್ರಜ್ಞಾನ ಕ್ಷೇತ್ರದಲ್ಲಿ ನಿರಂತರ ಬದಲಾವಣೆ ಆಗುತ್ತಿದ್ದು, ಹೊಸ ವಿಷಯಗಳನ್ನು ಕಲಿಯುವ ಮನೋಭಾವ ಬೆಳೆಸಿಕೊಳ್ಳಬೇಕು. ಪ್ರಾಂಶುಪಾಲರು, ವಿಭಾಗದ ಮುಖ್ಯಸ್ಥರು ಹಾಗೂ ಪ್ರಾಧ್ಯಾಪಕರು ಉಪಸ್ಥಿತರಿದ್ದರು.
ಶರ್ಟ್, ಟೋಪಿ ವಿತರಿಸಿದ ಪೊಲೀಸ್ ವೃತ್ತ ನಿರೀಕ್ಷಕ ಸಿದ್ದರಾಮಯ್ಯ
ಪೊಲೀಸ್ ಮಿತ್ರ ಕಾವಲು ಪಡೆ ಪೊಲೀಸಿಂಗ್ ಯೋಜನೆ
ಜಗಳೂರು: ಪೊಲೀಸ್ ಮಿತ್ರ ಕಾವಲು ಪಡೆ ಎಂಬುದು ಸಾರ್ವಜನಿಕ ಪೊಲೀಸ್ ಇಲಾಖೆಯ ಸ್ನೇಹ ಸಮುದಾಯದ ಸಹಯೋಗದೊಂದಿಗೆ ಅಪರಾಧ ತಡೆಗಟ್ಟುವ ಮತ್ತು ಸಾರ್ವಜನಿಕ ಶಾಂತಿ ಕಾಪಾಡುವ ಯೋಜನೆಯಾಗಿದೆ ಎಂದು ಪೊಲೀಸ್ ವೃತ್ತ ನಿರೀಕ್ಷಕ ಸಿದ್ದರಾಮಯ್ಯ ತಿಳಿಸಿದರು. ಪಟ್ಟಣದ ಪೊಲೀಸ್ ಠಾಣೆಯಲ್ಲಿ ಗುರುವಾರ ಪೊಲೀಸ್ ಮಿತ್ರ ಕಾವಲು ಪಡೆ ಸದಸ್ಯರಿಗೆ ಶರ್ಟ್ ಮತ್ತು ಟೋಪಿ ವಿತರಿಸಿ ಮಾತನಾಡಿದರು. ಗ್ರಾಮೀಣ ಪ್ರದೇಶಗಳಲ್ಲಿ ಕಳ್ಳತನ, ಅಪರಾಧ ಚಟುವಟಿಕೆಗಳನ್ನು ತಡೆಯಲು ಸಾರ್ವಜನಿಕರ ಸಹಭಾಗಿತ್ವ ಅಗತ್ಯವಾಗಿದ್ದು, ಸದಸ್ಯರು ಪೊಲೀಸರೊಂದಿಗೆ ರಾತ್ರಿ ಗಸ್ತು ಕಾರ್ಯದಲ್ಲಿ ಭಾಗವಹಿಸಲಿದ್ದಾರೆ.
▶ ಶಾಂತಿ, ಸುವ್ಯವಸ್ಥೆ ಕಾಪಾಡಲು ವ್ಯವಸ್ಥೆ
ಯುವಜನರು ಅನಾವಶ್ಯಕವಾಗಿ ಸಮಯ ವ್ಯರ್ಥ ಮಾಡದೆ ಸಮಾಜಮುಖಿ ಕಾರ್ಯಗಳಲ್ಲಿ ತೊಡಗಿಸಿಕೊಳ್ಳಬೇಕು. ಪೊಲೀಸ್ ಮಿತ್ರ ಕಾವಲು ಪಡೆ ಸದಸ್ಯರು ಸಮವಸ್ತ್ರ ಧರಿಸಿ ಕರ್ತವ್ಯ ನಿರ್ವಹಿಸಲಿದ್ದಾರೆ. ಈ ಸಂದರ್ಭದಲ್ಲಿ ಪಿಎಸ್‌ಐ ಗಾದಿಲಿಂಗಪ್ಪ, ಅಪರಾಧ ವಿಭಾಗದ ಪಿಎಸ್‌ಐ ಮಂಜುನಾಥ್ ಹಾಗೂ ಸಿಬ್ಬಂದಿ ಹಾಜರಿದ್ದರು.
ಪಟ್ಟಣದ ಪೊಲೀಸ್ ಠಾಣೆಯಲ್ಲಿ ಗುರುವಾರ ಪೊಲೀಸ್ ಮಿತ್ರ ಕಾವಲು ಪಡೆ ಸದಸ್ಯರಿಗೆ ಶರ್ಟ್ ಮತ್ತು ಟೋಪಿ ವಿತರಿಸಿ ಮಾತನಾಡಿದರು. ಗ್ರಾಮೀಣ ಪ್ರದೇಶಗಳಲ್ಲಿ ಕಳ್ಳತನ, ಅಪರಾಧ ಚಟುವಟಿಕೆಗಳನ್ನು ತಡೆಯಲು ಸಾರ್ವಜನಿಕರ ಸಹಭಾಗಿತ್ವ ಅಗತ್ಯವಾಗಿದ್ದು, ಸದಸ್ಯರು ಪೊಲೀಸರೊಂದಿಗೆ ರಾತ್ರಿ ಗಸ್ತು ಕಾರ್ಯದಲ್ಲಿ ಭಾಗವಹಿಸಲಿದ್ದಾರೆ. ಯುವಜನರು ಅನಾವಶ್ಯಕವಾಗಿ ಸಮಯ ವ್ಯರ್ಥ ಮಾಡದೆ ಸಮಾಜಮುಖಿ ಕಾರ್ಯಗಳಲ್ಲಿ ತೊಡಗಿಸಿಕೊಳ್ಳಬೇಕು. ಪೊಲೀಸ್ ಮಿತ್ರ ಕಾವಲು ಪಡೆ ಸದಸ್ಯರು ಸಮವಸ್ತ್ರ ಧರಿಸಿ ಕರ್ತವ್ಯ ನಿರ್ವಹಿಸಲಿದ್ದಾರೆ. ಈ ಸಂದರ್ಭದಲ್ಲಿ ಪಿಎಸ್‌ಐ ಗಾದಿಲಿಂಗಪ್ಪ, ಅಪರಾಧ ವಿಭಾಗದ ಪಿಎಸ್‌ಐ ಮಂಜುನಾಥ್ ಹಾಗೂ ಸಿಬ್ಬಂದಿ ಹಾಜರಿದ್ದರು.
